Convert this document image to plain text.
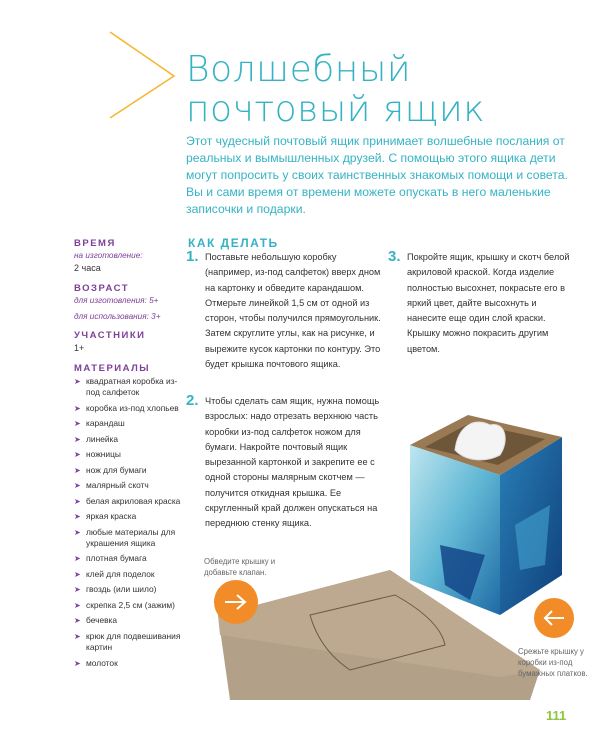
Волшебный
почтовый ящик

Этот чудесный почтовый ящик принимает волшебные послания от реальных и вымышленных друзей. С помощью этого ящика дети могут попросить у своих таинственных знакомых помощи и совета. Вы и сами время от времени можете опускать в него маленькие записочки и подарки.

ВРЕМЯ

на изготовление:

2 часа

ВОЗРАСТ

для изготовления: 5+

для использования: 3+

УЧАСТНИКИ

1+

МАТЕРИАЛЫ

➤ квадратная коробка из-под салфеток
➤ коробка из-под хлопьев
➤ карандаш
➤ линейка
➤ ножницы
➤ нож для бумаги
➤ малярный скотч
➤ белая акриловая краска
➤ яркая краска
➤ любые материалы для украшения ящика
➤ плотная бумага
➤ клей для поделок
➤ гвоздь (или шило)
➤ скрепка 2,5 см (зажим)
➤ бечевка
➤ крюк для подвешивания картин
➤ молоток
КАК ДЕЛАТЬ
1. Поставьте небольшую коробку (например, из-под салфеток) вверх дном на картонку и обведите карандашом. Отмерьте линейкой 1,5 см от одной из сторон, чтобы получился прямоугольник. Затем скруглите углы, как на рисунке, и вырежите кусок картонки по контуру. Это будет крышка почтового ящика.

2. Чтобы сделать сам ящик, нужна помощь взрослых: надо отрезать верхнюю часть коробки из-под салфеток ножом для бумаги. Накройте почтовый ящик вырезанной картонкой и закрепите ее с одной стороны малярным скотчем — получится откидная крышка. Ее скругленный край должен опускаться на переднюю стенку ящика.

3. Покройте ящик, крышку и скотч белой акриловой краской. Когда изделие полностью высохнет, покрасьте его в яркий цвет, дайте высохнуть и нанесите еще один слой краски. Крышку можно покрасить другим цветом.

Обведите крышку и добавьте клапан.

Срежьте крышку у коробки из-под бумажных платков.

111
